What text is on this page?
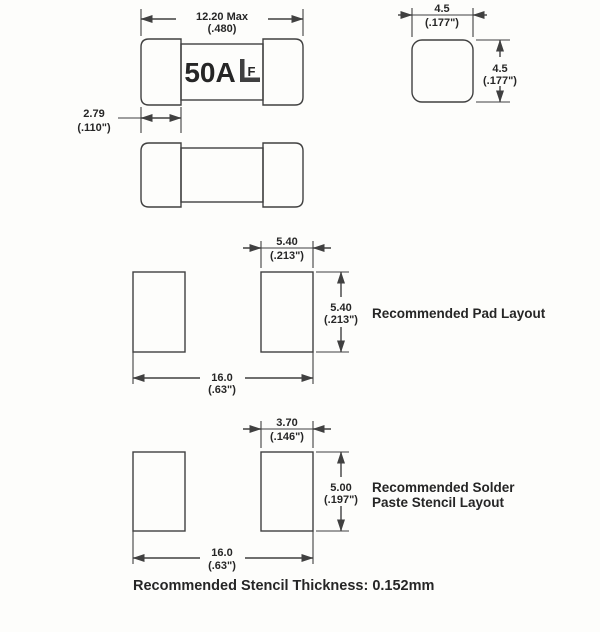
50A F
12.20 Max
(.480)
2.79
(.110")
4.5
(.177")
4.5
(.177")
5.40
(.213")
5.40
(.213")
16.0
(.63")
Recommended Pad Layout
3.70
(.146")
5.00
(.197")
16.0
(.63")
Recommended Solder
Paste Stencil Layout
Recommended Stencil Thickness: 0.152mm
